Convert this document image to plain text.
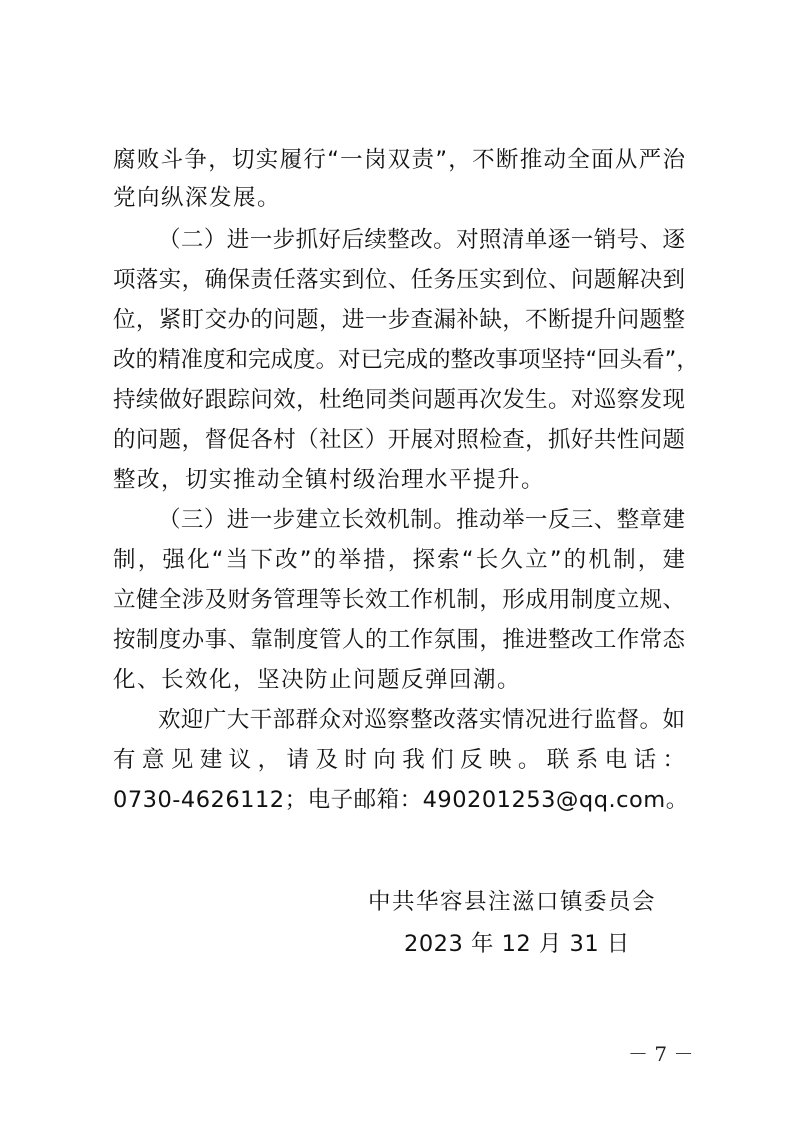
腐败斗争，切实履行“一岗双责”，不断推动全面从严治
党向纵深发展。
（二）进一步抓好后续整改。对照清单逐一销号、逐
项落实，确保责任落实到位、任务压实到位、问题解决到
位，紧盯交办的问题，进一步查漏补缺，不断提升问题整
改的精准度和完成度。对已完成的整改事项坚持“回头看”，
持续做好跟踪问效，杜绝同类问题再次发生。对巡察发现
的问题，督促各村（社区）开展对照检查，抓好共性问题
整改，切实推动全镇村级治理水平提升。
（三）进一步建立长效机制。推动举一反三、整章建
制，强化“当下改”的举措，探索“长久立”的机制，建
立健全涉及财务管理等长效工作机制，形成用制度立规、
按制度办事、靠制度管人的工作氛围，推进整改工作常态
化、长效化，坚决防止问题反弹回潮。
欢迎广大干部群众对巡察整改落实情况进行监督。如
有意见建议，请及时向我们反映。联系电话：
0730-4626112；电子邮箱：490201253@qq.com。
中共华容县注滋口镇委员会
2023 年 12 月 31 日
－ 7 －
